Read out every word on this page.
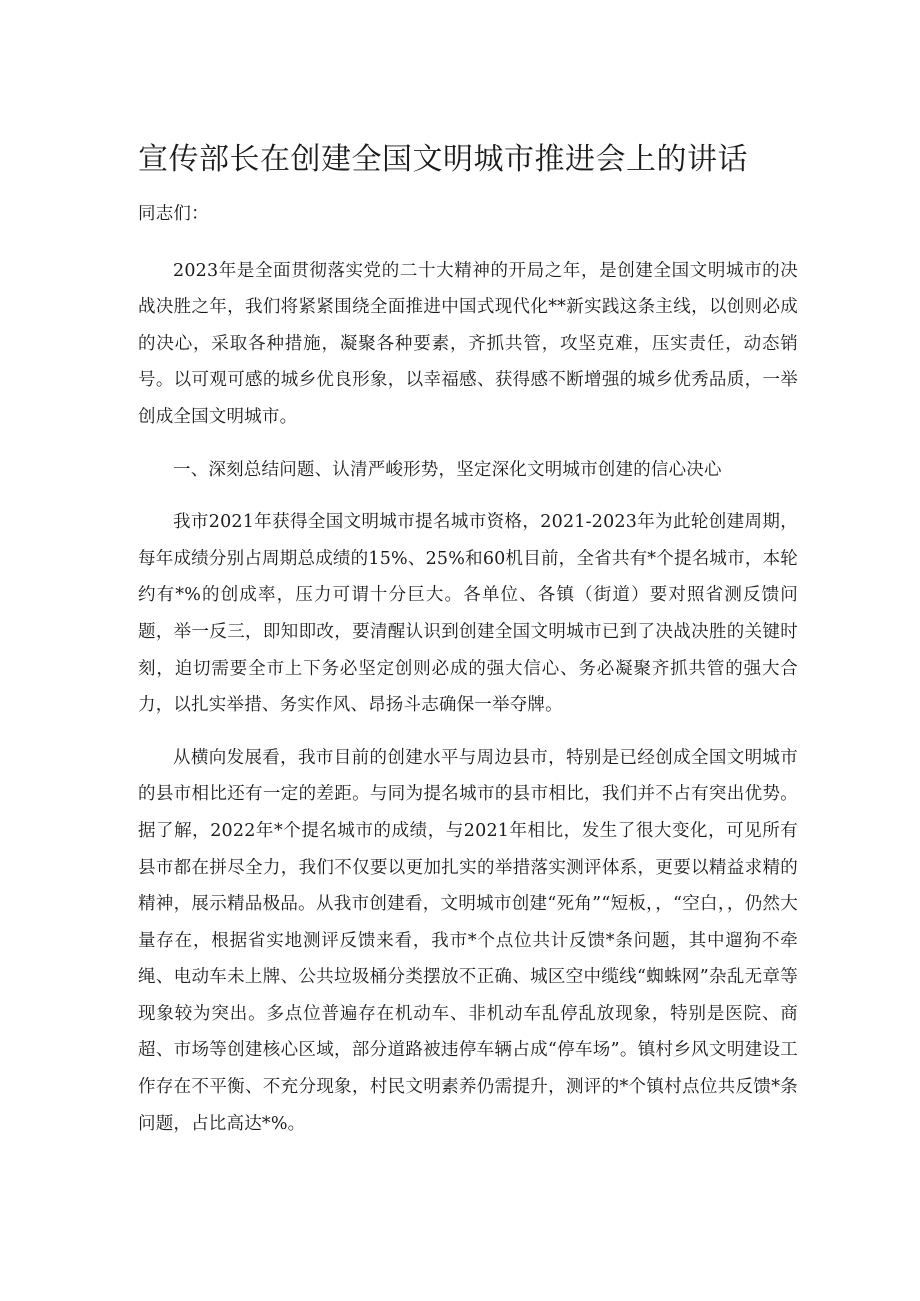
宣传部长在创建全国文明城市推进会上的讲话

同志们：

2023年是全面贯彻落实党的二十大精神的开局之年，是创建全国文明城市的决战决胜之年，我们将紧紧围绕全面推进中国式现代化**新实践这条主线，以创则必成的决心，采取各种措施，凝聚各种要素，齐抓共管，攻坚克难，压实责任，动态销号。以可观可感的城乡优良形象，以幸福感、获得感不断增强的城乡优秀品质，一举创成全国文明城市。

一、深刻总结问题、认清严峻形势，坚定深化文明城市创建的信心决心

我市2021年获得全国文明城市提名城市资格，2021-2023年为此轮创建周期，每年成绩分别占周期总成绩的15%、25%和60机目前，全省共有*个提名城市，本轮约有*%的创成率，压力可谓十分巨大。各单位、各镇（街道）要对照省测反馈问题，举一反三，即知即改，要清醒认识到创建全国文明城市已到了决战决胜的关键时刻，迫切需要全市上下务必坚定创则必成的强大信心、务必凝聚齐抓共管的强大合力，以扎实举措、务实作风、昂扬斗志确保一举夺牌。

从横向发展看，我市目前的创建水平与周边县市，特别是已经创成全国文明城市的县市相比还有一定的差距。与同为提名城市的县市相比，我们并不占有突出优势。据了解，2022年*个提名城市的成绩，与2021年相比，发生了很大变化，可见所有县市都在拼尽全力，我们不仅要以更加扎实的举措落实测评体系，更要以精益求精的精神，展示精品极品。从我市创建看，文明城市创建“死角”“短板，，“空白，，仍然大量存在，根据省实地测评反馈来看，我市*个点位共计反馈*条问题，其中遛狗不牵绳、电动车未上牌、公共垃圾桶分类摆放不正确、城区空中缆线“蜘蛛网”杂乱无章等现象较为突出。多点位普遍存在机动车、非机动车乱停乱放现象，特别是医院、商超、市场等创建核心区域，部分道路被违停车辆占成“停车场”。镇村乡风文明建设工作存在不平衡、不充分现象，村民文明素养仍需提升，测评的*个镇村点位共反馈*条问题，占比高达*%。
